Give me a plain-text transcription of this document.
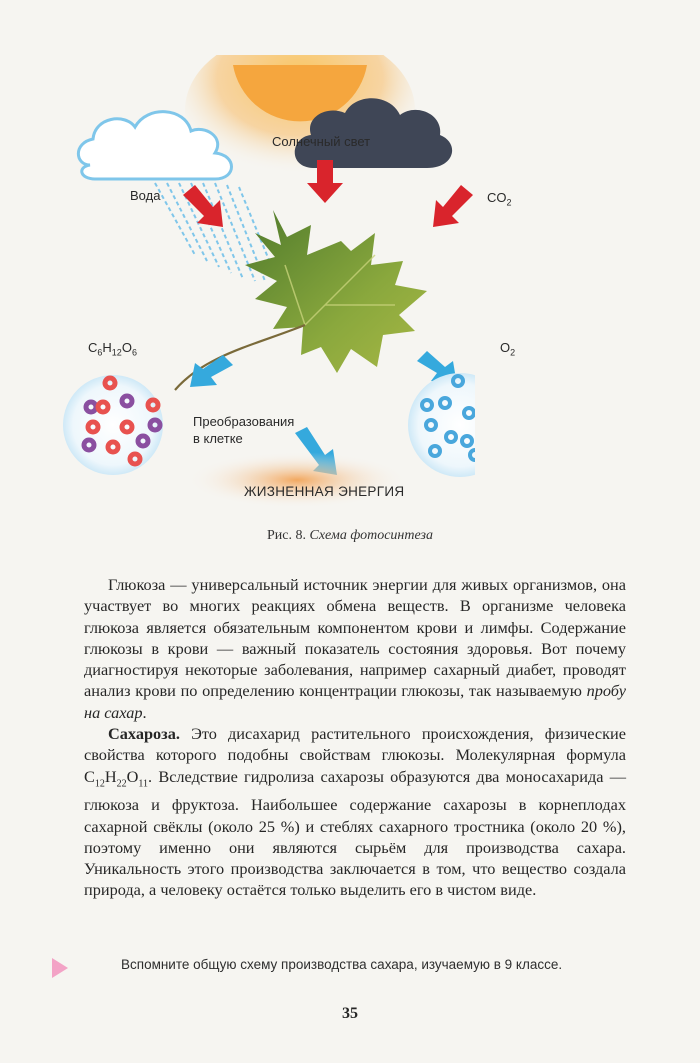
Солнечный свет
Вода	$CO_2$
$C_6H_{12}O_6$	$O_2$
Преобразования
в клетке
ЖИЗНЕННАЯ ЭНЕРГИЯ
Рис. 8. Схема фотосинтеза

Глюкоза — универсальный источник энергии для живых организмов, она участвует во многих реакциях обмена веществ. В организме человека глюкоза является обязательным компонентом крови и лимфы. Содержание глюкозы в крови — важный показатель состояния здоровья. Вот почему диагностируя некоторые заболевания, например сахарный диабет, проводят анализ крови по определению концентрации глюкозы, так называемую пробу на сахар.

Сахароза. Это дисахарид растительного происхождения, физические свойства которого подобны свойствам глюкозы. Молекулярная формула $C_{12}H_{22}O_{11}$. Вследствие гидролиза сахарозы образуются два моносахарида — глюкоза и фруктоза. Наибольшее содержание сахарозы в корнеплодах сахарной свёклы (около 25 %) и стеблях сахарного тростника (около 20 %), поэтому именно они являются сырьём для производства сахара. Уникальность этого производства заключается в том, что вещество создала природа, а человеку остаётся только выделить его в чистом виде.

Вспомните общую схему производства сахара, изучаемую в 9 классе.
35
